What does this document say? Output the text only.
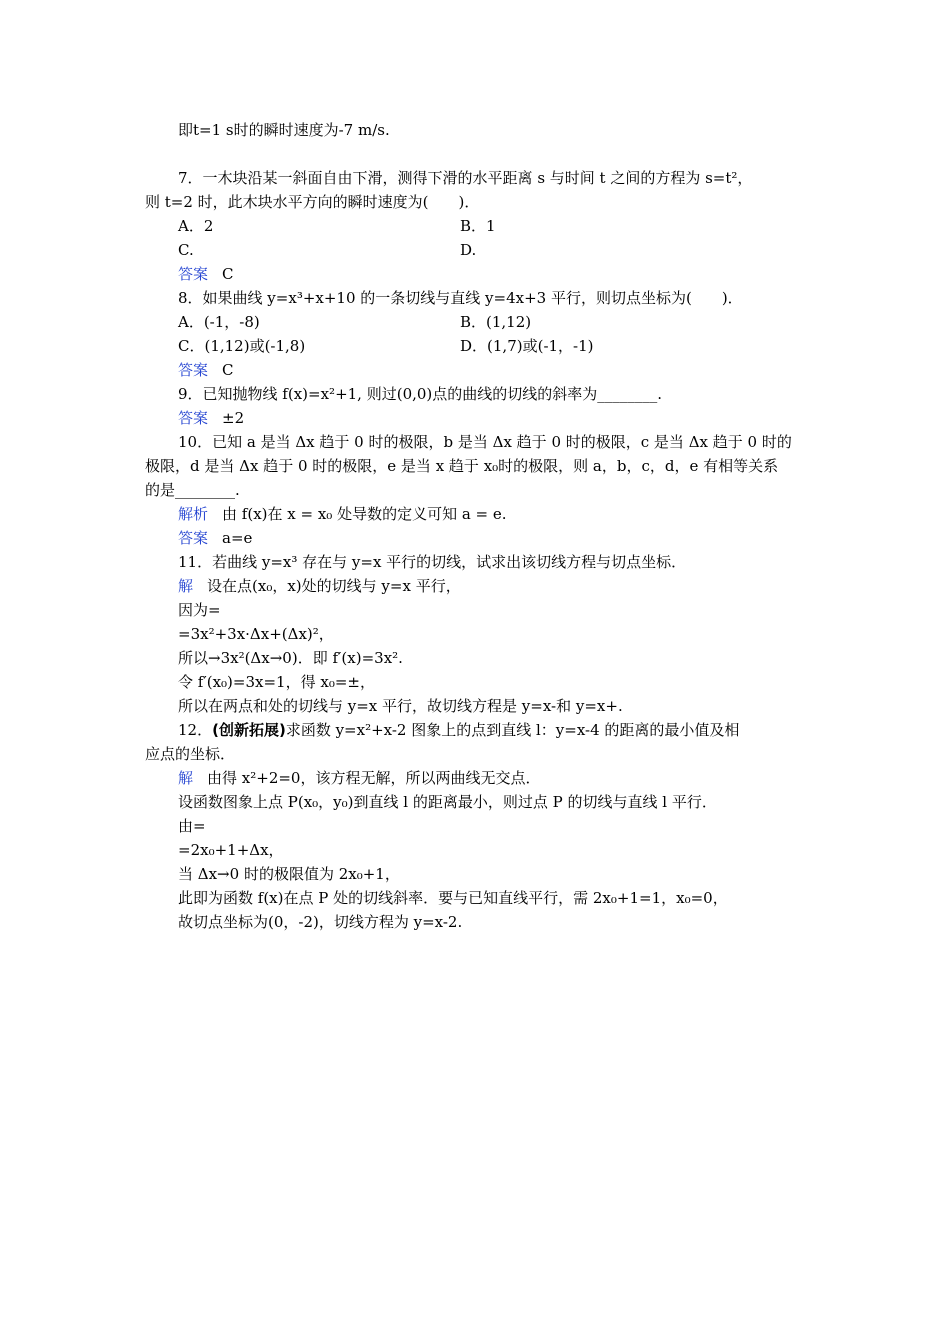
即t=1 s时的瞬时速度为-7 m/s.
7．一木块沿某一斜面自由下滑，测得下滑的水平距离 s 与时间 t 之间的方程为 s=t²，
则 t=2 时，此木块水平方向的瞬时速度为(　　)．
A．2	B．1
C.	D.
答案 C
8．如果曲线 y=x³+x+10 的一条切线与直线 y=4x+3 平行，则切点坐标为(　　)．
A．(-1，-8)	B．(1,12)
C．(1,12)或(-1,8)	D．(1,7)或(-1，-1)
答案 C
9．已知抛物线 f(x)=x²+1, 则过(0,0)点的曲线的切线的斜率为________.
答案 ±2
10．已知 a 是当 Δx 趋于 0 时的极限，b 是当 Δx 趋于 0 时的极限，c 是当 Δx 趋于 0 时的
极限，d 是当 Δx 趋于 0 时的极限，e 是当 x 趋于 x₀时的极限，则 a，b，c，d，e 有相等关系
的是________.
解析 由 f(x)在 x = x₀ 处导数的定义可知 a = e.
答案 a=e
11．若曲线 y=x³ 存在与 y=x 平行的切线，试求出该切线方程与切点坐标．
解 设在点(x₀，x)处的切线与 y=x 平行，
因为=
=3x²+3x·Δx+(Δx)²，
所以→3x²(Δx→0)．即 f′(x)=3x².
令 f′(x₀)=3x=1，得 x₀=±，
所以在两点和处的切线与 y=x 平行，故切线方程是 y=x-和 y=x+.
12．(创新拓展)求函数 y=x²+x-2 图象上的点到直线 l：y=x-4 的距离的最小值及相
应点的坐标．
解 由得 x²+2=0，该方程无解，所以两曲线无交点．
设函数图象上点 P(x₀，y₀)到直线 l 的距离最小，则过点 P 的切线与直线 l 平行．
由=
=2x₀+1+Δx，
当 Δx→0 时的极限值为 2x₀+1，
此即为函数 f(x)在点 P 处的切线斜率．要与已知直线平行，需 2x₀+1=1，x₀=0，
故切点坐标为(0，-2)，切线方程为 y=x-2.
